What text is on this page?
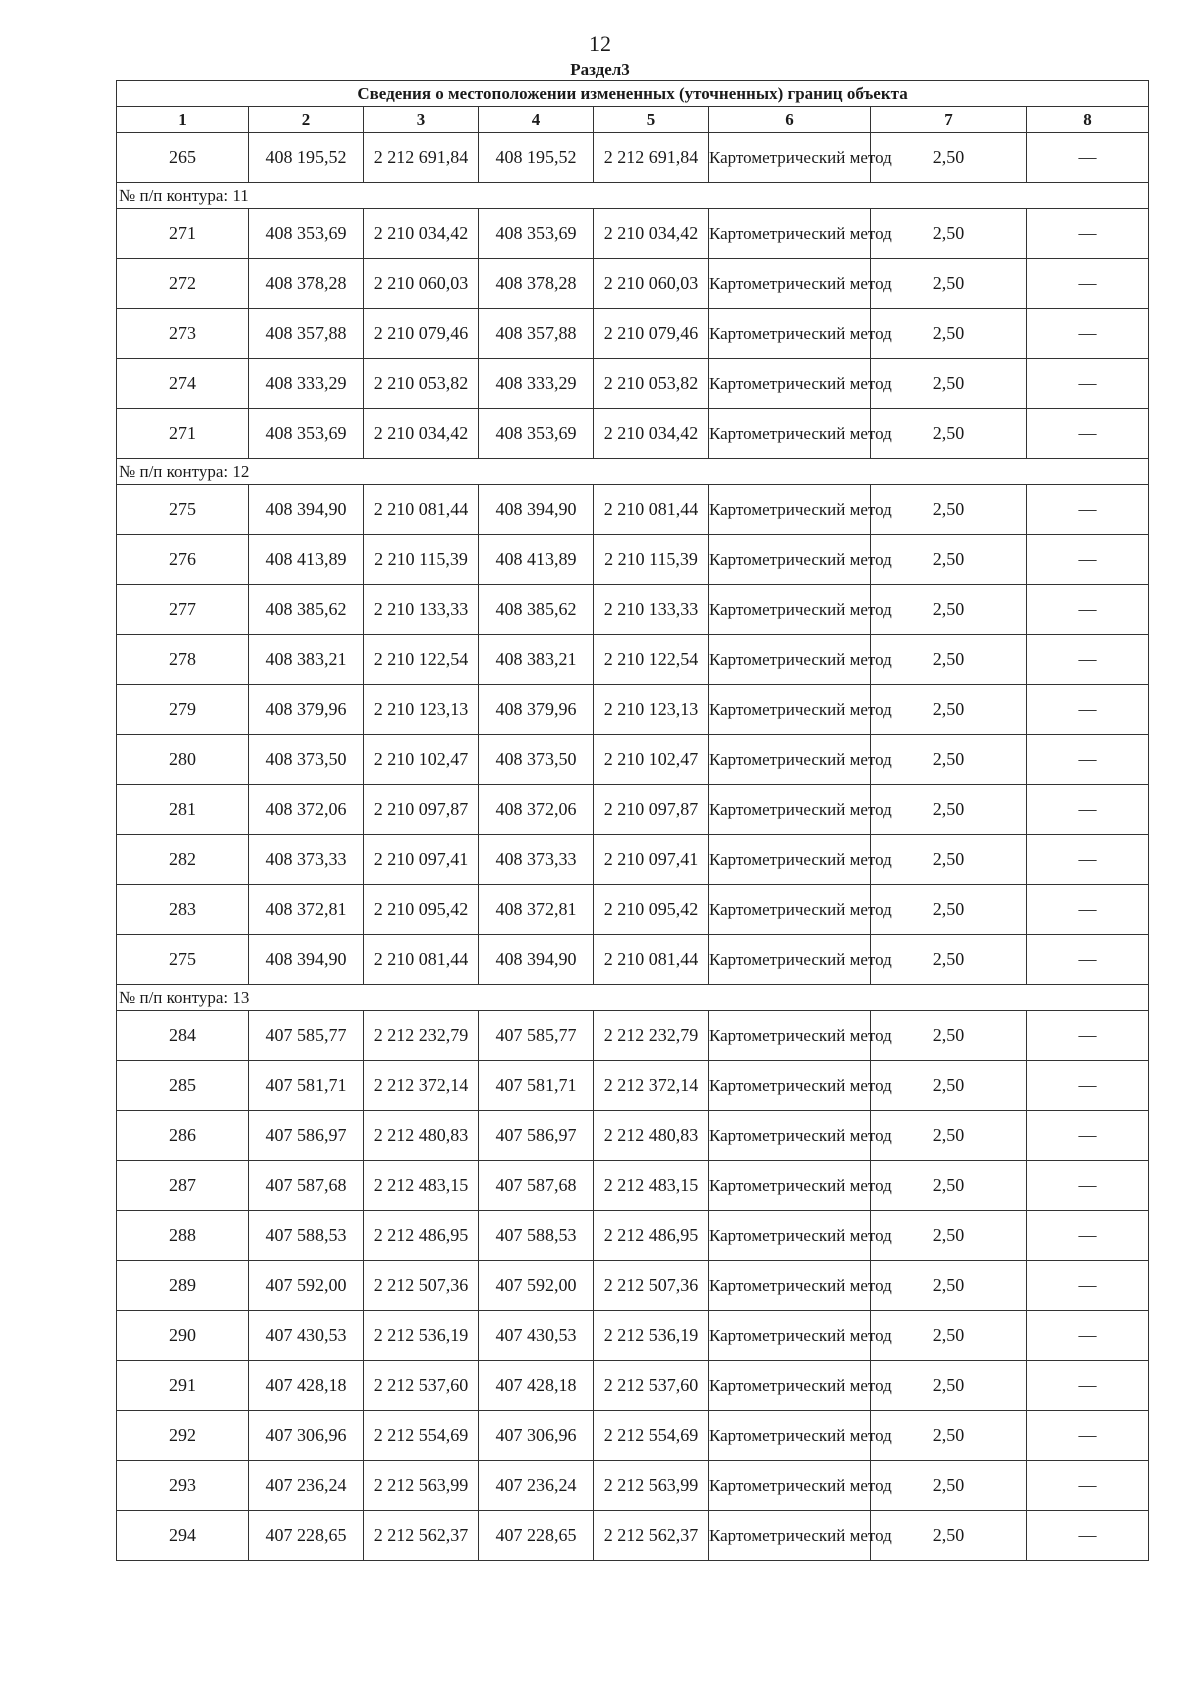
12
Раздел3
Сведения о местоположении измененных (уточненных) границ объекта							
1	2	3	4	5	6	7	8
265	408 195,52	2 212 691,84	408 195,52	2 212 691,84	Картометрический метод	2,50	—
№ п/п контура: 11							
271	408 353,69	2 210 034,42	408 353,69	2 210 034,42	Картометрический метод	2,50	—
272	408 378,28	2 210 060,03	408 378,28	2 210 060,03	Картометрический метод	2,50	—
273	408 357,88	2 210 079,46	408 357,88	2 210 079,46	Картометрический метод	2,50	—
274	408 333,29	2 210 053,82	408 333,29	2 210 053,82	Картометрический метод	2,50	—
271	408 353,69	2 210 034,42	408 353,69	2 210 034,42	Картометрический метод	2,50	—
№ п/п контура: 12							
275	408 394,90	2 210 081,44	408 394,90	2 210 081,44	Картометрический метод	2,50	—
276	408 413,89	2 210 115,39	408 413,89	2 210 115,39	Картометрический метод	2,50	—
277	408 385,62	2 210 133,33	408 385,62	2 210 133,33	Картометрический метод	2,50	—
278	408 383,21	2 210 122,54	408 383,21	2 210 122,54	Картометрический метод	2,50	—
279	408 379,96	2 210 123,13	408 379,96	2 210 123,13	Картометрический метод	2,50	—
280	408 373,50	2 210 102,47	408 373,50	2 210 102,47	Картометрический метод	2,50	—
281	408 372,06	2 210 097,87	408 372,06	2 210 097,87	Картометрический метод	2,50	—
282	408 373,33	2 210 097,41	408 373,33	2 210 097,41	Картометрический метод	2,50	—
283	408 372,81	2 210 095,42	408 372,81	2 210 095,42	Картометрический метод	2,50	—
275	408 394,90	2 210 081,44	408 394,90	2 210 081,44	Картометрический метод	2,50	—
№ п/п контура: 13							
284	407 585,77	2 212 232,79	407 585,77	2 212 232,79	Картометрический метод	2,50	—
285	407 581,71	2 212 372,14	407 581,71	2 212 372,14	Картометрический метод	2,50	—
286	407 586,97	2 212 480,83	407 586,97	2 212 480,83	Картометрический метод	2,50	—
287	407 587,68	2 212 483,15	407 587,68	2 212 483,15	Картометрический метод	2,50	—
288	407 588,53	2 212 486,95	407 588,53	2 212 486,95	Картометрический метод	2,50	—
289	407 592,00	2 212 507,36	407 592,00	2 212 507,36	Картометрический метод	2,50	—
290	407 430,53	2 212 536,19	407 430,53	2 212 536,19	Картометрический метод	2,50	—
291	407 428,18	2 212 537,60	407 428,18	2 212 537,60	Картометрический метод	2,50	—
292	407 306,96	2 212 554,69	407 306,96	2 212 554,69	Картометрический метод	2,50	—
293	407 236,24	2 212 563,99	407 236,24	2 212 563,99	Картометрический метод	2,50	—
294	407 228,65	2 212 562,37	407 228,65	2 212 562,37	Картометрический метод	2,50	—
